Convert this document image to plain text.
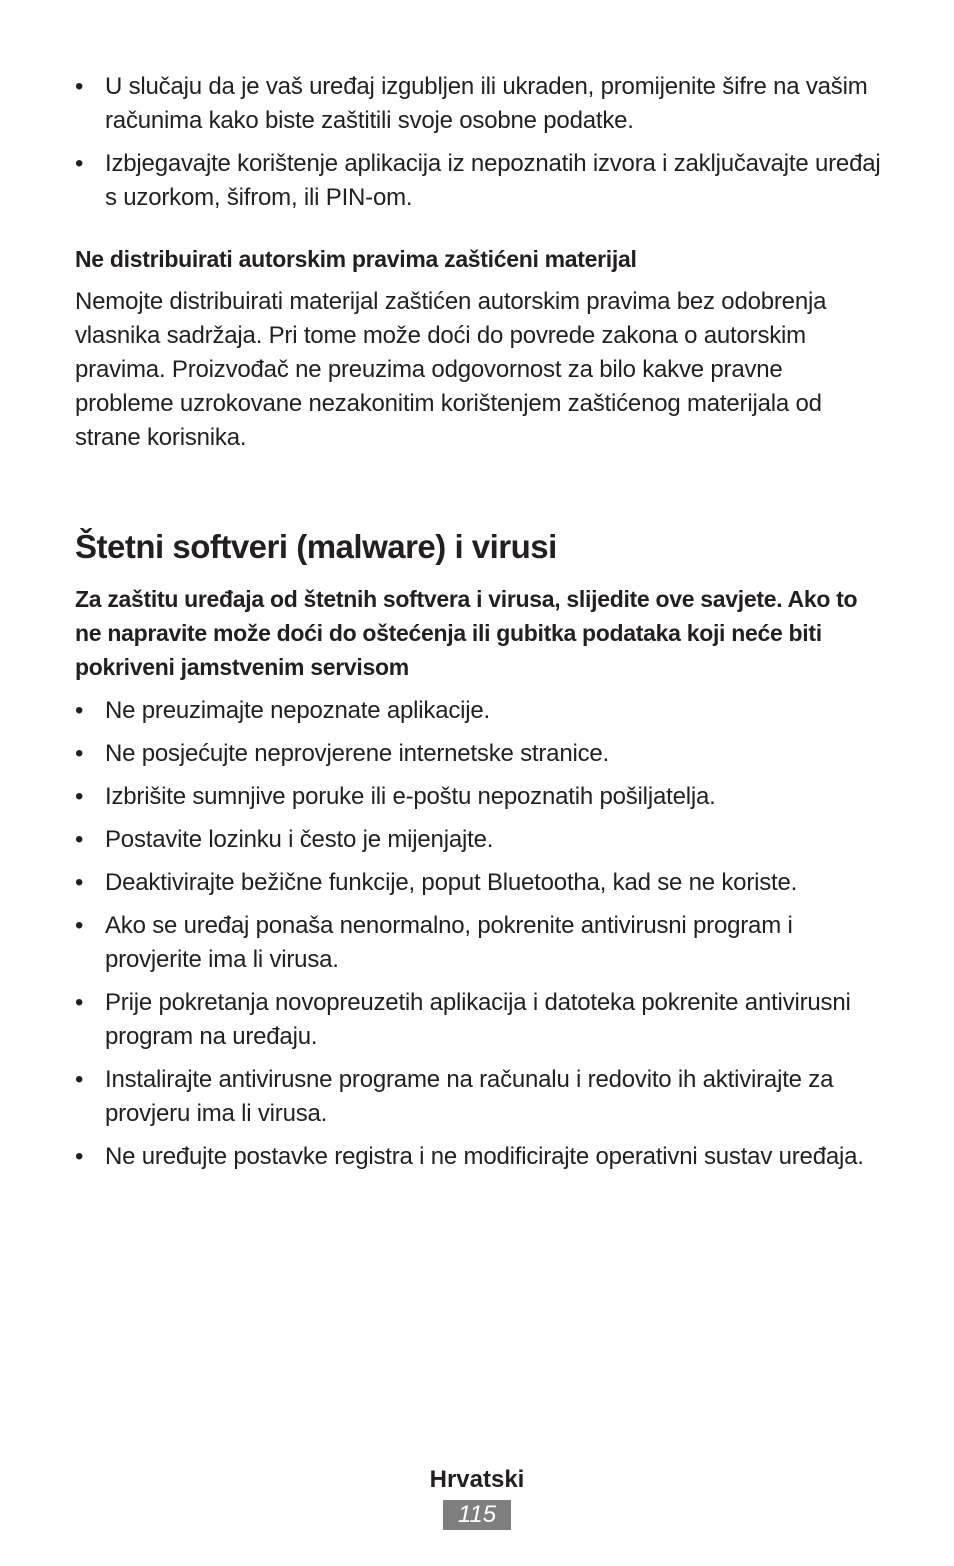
• U slučaju da je vaš uređaj izgubljen ili ukraden, promijenite šifre na vašim računima kako biste zaštitili svoje osobne podatke.
• Izbjegavajte korištenje aplikacija iz nepoznatih izvora i zaključavajte uređaj s uzorkom, šifrom, ili PIN-om.
Ne distribuirati autorskim pravima zaštićeni materijal

Nemojte distribuirati materijal zaštićen autorskim pravima bez odobrenja vlasnika sadržaja. Pri tome može doći do povrede zakona o autorskim pravima. Proizvođač ne preuzima odgovornost za bilo kakve pravne probleme uzrokovane nezakonitim korištenjem zaštićenog materijala od strane korisnika.

Štetni softveri (malware) i virusi

Za zaštitu uređaja od štetnih softvera i virusa, slijedite ove savjete. Ako to ne napravite može doći do oštećenja ili gubitka podataka koji neće biti pokriveni jamstvenim servisom

• Ne preuzimajte nepoznate aplikacije.
• Ne posjećujte neprovjerene internetske stranice.
• Izbrišite sumnjive poruke ili e-poštu nepoznatih pošiljatelja.
• Postavite lozinku i često je mijenjajte.
• Deaktivirajte bežične funkcije, poput Bluetootha, kad se ne koriste.
• Ako se uređaj ponaša nenormalno, pokrenite antivirusni program i provjerite ima li virusa.
• Prije pokretanja novopreuzetih aplikacija i datoteka pokrenite antivirusni program na uređaju.
• Instalirajte antivirusne programe na računalu i redovito ih aktivirajte za provjeru ima li virusa.
• Ne uređujte postavke registra i ne modificirajte operativni sustav uređaja.
Hrvatski
115
